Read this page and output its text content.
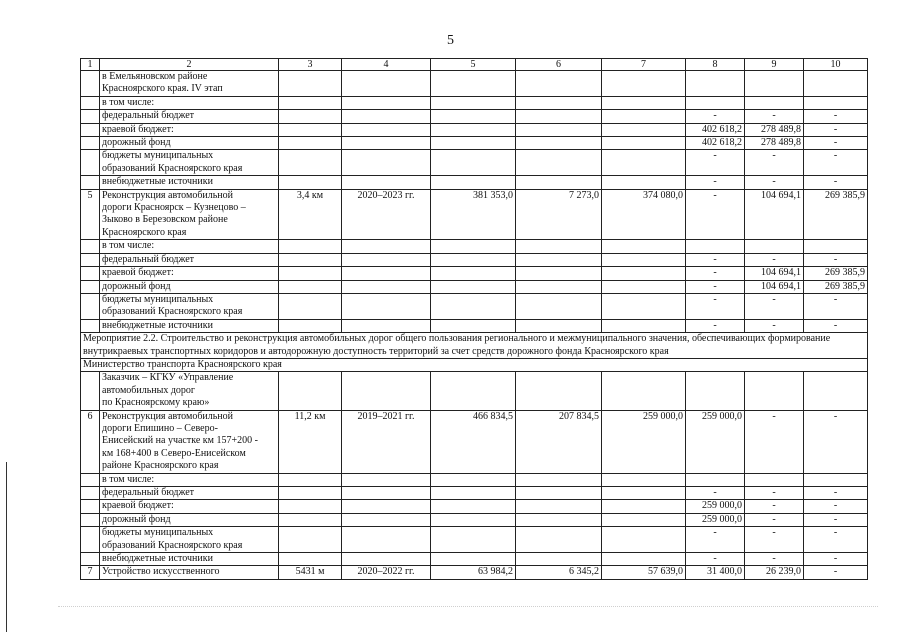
5
1	2	3	4	5	6	7	8	9	10
	в Емельяновском районе
Красноярского края. IV этап								
	в том числе:								
	федеральный бюджет						-	-	-
	краевой бюджет:						402 618,2	278 489,8	-
	дорожный фонд						402 618,2	278 489,8	-
	бюджеты муниципальных
образований Красноярского края						-	-	-
	внебюджетные источники						-	-	-
5	Реконструкция автомобильной
дороги Красноярск – Кузнецово –
Зыково в Березовском районе
Красноярского края	3,4 км	2020–2023 гг.	381 353,0	7 273,0	374 080,0	-	104 694,1	269 385,9
	в том числе:								
	федеральный бюджет						-	-	-
	краевой бюджет:						-	104 694,1	269 385,9
	дорожный фонд						-	104 694,1	269 385,9
	бюджеты муниципальных
образований Красноярского края						-	-	-
	внебюджетные источники						-	-	-
Мероприятие 2.2. Строительство и реконструкция автомобильных дорог общего пользования регионального и межмуниципального значения, обеспечивающих формирование внутрикраевых транспортных коридоров и автодорожную доступность территорий за счет средств дорожного фонда Красноярского края									
Министерство транспорта Красноярского края									
	Заказчик – КГКУ «Управление
автомобильных дорог
по Красноярскому краю»								
6	Реконструкция автомобильной
дороги Епишино – Северо-
Енисейский на участке км 157+200 -
км 168+400 в Северо-Енисейском
районе Красноярского края	11,2 км	2019–2021 гг.	466 834,5	207 834,5	259 000,0	259 000,0	-	-
	в том числе:								
	федеральный бюджет						-	-	-
	краевой бюджет:						259 000,0	-	-
	дорожный фонд						259 000,0	-	-
	бюджеты муниципальных
образований Красноярского края						-	-	-
	внебюджетные источники						-	-	-
7	Устройство искусственного	5431 м	2020–2022 гг.	63 984,2	6 345,2	57 639,0	31 400,0	26 239,0	-
